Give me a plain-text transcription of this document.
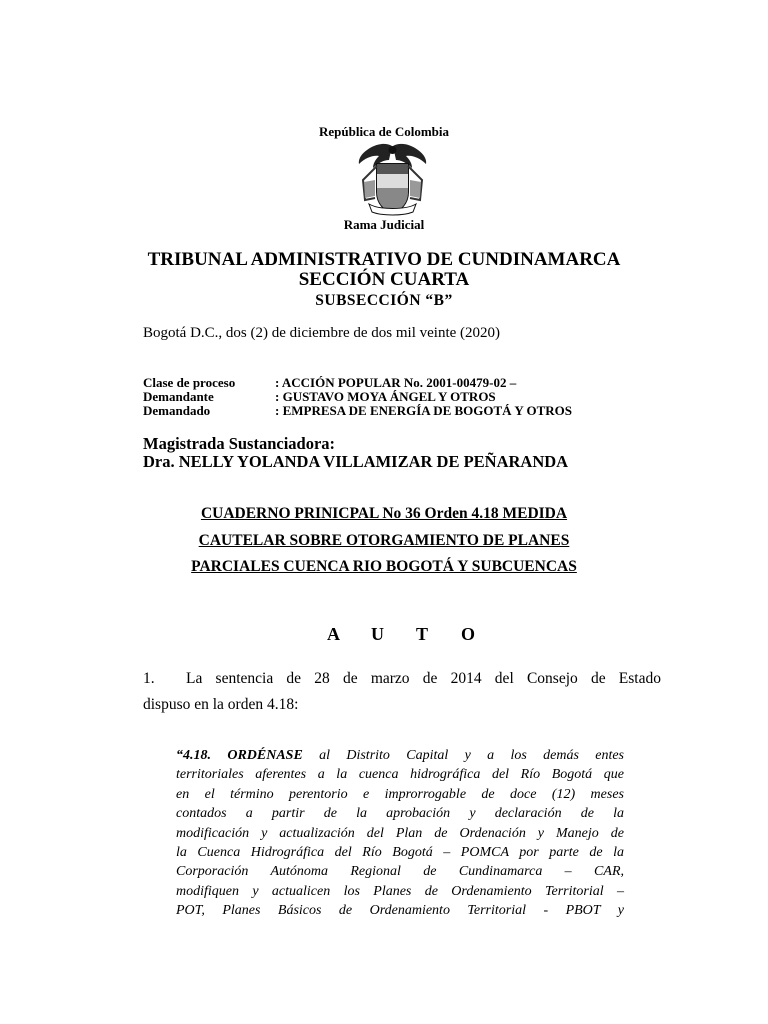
República de Colombia
Rama Judicial
TRIBUNAL ADMINISTRATIVO DE CUNDINAMARCA
SECCIÓN CUARTA
SUBSECCIÓN “B”
Bogotá D.C., dos (2) de diciembre de dos mil veinte (2020)
Clase de proceso	: ACCIÓN POPULAR No. 2001-00479-02 –
Demandante	: GUSTAVO MOYA ÁNGEL Y OTROS
Demandado	: EMPRESA DE ENERGÍA DE BOGOTÁ Y OTROS
Magistrada Sustanciadora:
Dra. NELLY YOLANDA VILLAMIZAR DE PEÑARANDA
CUADERNO PRINICPAL No 36 Orden 4.18 MEDIDA
CAUTELAR SOBRE OTORGAMIENTO DE PLANES
PARCIALES CUENCA RIO BOGOTÁ Y SUBCUENCAS
A U T O
1. La sentencia de 28 de marzo de 2014 del Consejo de Estado
dispuso en la orden 4.18:
“4.18. ORDÉNASE al Distrito Capital y a los demás entes
territoriales aferentes a la cuenca hidrográfica del Río Bogotá que
en el término perentorio e improrrogable de doce (12) meses
contados a partir de la aprobación y declaración de la
modificación y actualización del Plan de Ordenación y Manejo de
la Cuenca Hidrográfica del Río Bogotá – POMCA por parte de la
Corporación Autónoma Regional de Cundinamarca – CAR,
modifiquen y actualicen los Planes de Ordenamiento Territorial –
POT, Planes Básicos de Ordenamiento Territorial - PBOT y
